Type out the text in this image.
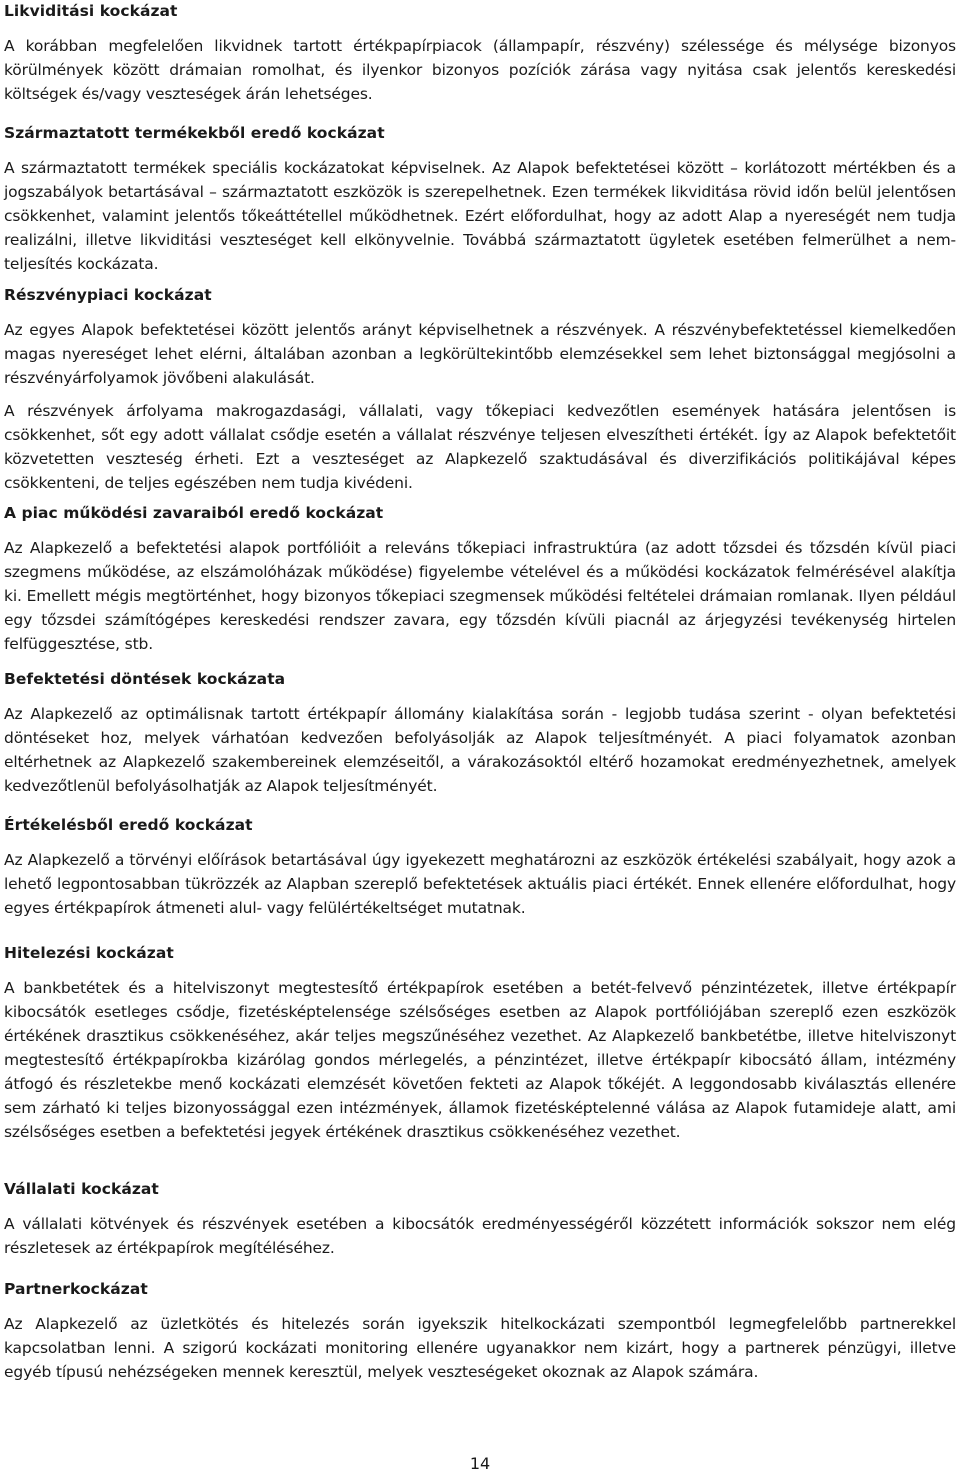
Likviditási kockázat

A korábban megfelelően likvidnek tartott értékpapírpiacok (állampapír, részvény) szélessége és mélysége bizonyos körülmények között drámaian romolhat, és ilyenkor bizonyos pozíciók zárása vagy nyitása csak jelentős kereskedési költségek és/vagy veszteségek árán lehetséges.

Származtatott termékekből eredő kockázat

A származtatott termékek speciális kockázatokat képviselnek. Az Alapok befektetései között – korlátozott mértékben és a jogszabályok betartásával – származtatott eszközök is szerepelhetnek. Ezen termékek likviditása rövid időn belül jelentősen csökkenhet, valamint jelentős tőkeáttétellel működhetnek. Ezért előfordulhat, hogy az adott Alap a nyereségét nem tudja realizálni, illetve likviditási veszteséget kell elkönyvelnie. Továbbá származtatott ügyletek esetében felmerülhet a nem-teljesítés kockázata.

Részvénypiaci kockázat

Az egyes Alapok befektetései között jelentős arányt képviselhetnek a részvények. A részvénybefektetéssel kiemelkedően magas nyereséget lehet elérni, általában azonban a legkörültekintőbb elemzésekkel sem lehet biztonsággal megjósolni a részvényárfolyamok jövőbeni alakulását.

A részvények árfolyama makrogazdasági, vállalati, vagy tőkepiaci kedvezőtlen események hatására jelentősen is csökkenhet, sőt egy adott vállalat csődje esetén a vállalat részvénye teljesen elveszítheti értékét. Így az Alapok befektetőit közvetetten veszteség érheti. Ezt a veszteséget az Alapkezelő szaktudásával és diverzifikációs politikájával képes csökkenteni, de teljes egészében nem tudja kivédeni.

A piac működési zavaraiból eredő kockázat

Az Alapkezelő a befektetési alapok portfólióit a releváns tőkepiaci infrastruktúra (az adott tőzsdei és tőzsdén kívül piaci szegmens működése, az elszámolóházak működése) figyelembe vételével és a működési kockázatok felmérésével alakítja ki. Emellett mégis megtörténhet, hogy bizonyos tőkepiaci szegmensek működési feltételei drámaian romlanak. Ilyen például egy tőzsdei számítógépes kereskedési rendszer zavara, egy tőzsdén kívüli piacnál az árjegyzési tevékenység hirtelen felfüggesztése, stb.

Befektetési döntések kockázata

Az Alapkezelő az optimálisnak tartott értékpapír állomány kialakítása során - legjobb tudása szerint - olyan befektetési döntéseket hoz, melyek várhatóan kedvezően befolyásolják az Alapok teljesítményét. A piaci folyamatok azonban eltérhetnek az Alapkezelő szakembereinek elemzéseitől, a várakozásoktól eltérő hozamokat eredményezhetnek, amelyek kedvezőtlenül befolyásolhatják az Alapok teljesítményét.

Értékelésből eredő kockázat

Az Alapkezelő a törvényi előírások betartásával úgy igyekezett meghatározni az eszközök értékelési szabályait, hogy azok a lehető legpontosabban tükrözzék az Alapban szereplő befektetések aktuális piaci értékét. Ennek ellenére előfordulhat, hogy egyes értékpapírok átmeneti alul- vagy felülértékeltséget mutatnak.

Hitelezési kockázat

A bankbetétek és a hitelviszonyt megtestesítő értékpapírok esetében a betét-felvevő pénzintézetek, illetve értékpapír kibocsátók esetleges csődje, fizetésképtelensége szélsőséges esetben az Alapok portfóliójában szereplő ezen eszközök értékének drasztikus csökkenéséhez, akár teljes megszűnéséhez vezethet. Az Alapkezelő bankbetétbe, illetve hitelviszonyt megtestesítő értékpapírokba kizárólag gondos mérlegelés, a pénzintézet, illetve értékpapír kibocsátó állam, intézmény átfogó és részletekbe menő kockázati elemzését követően fekteti az Alapok tőkéjét. A leggondosabb kiválasztás ellenére sem zárható ki teljes bizonyossággal ezen intézmények, államok fizetésképtelenné válása az Alapok futamideje alatt, ami szélsőséges esetben a befektetési jegyek értékének drasztikus csökkenéséhez vezethet.

Vállalati kockázat

A vállalati kötvények és részvények esetében a kibocsátók eredményességéről közzétett információk sokszor nem elég részletesek az értékpapírok megítéléséhez.

Partnerkockázat

Az Alapkezelő az üzletkötés és hitelezés során igyekszik hitelkockázati szempontból legmegfelelőbb partnerekkel kapcsolatban lenni. A szigorú kockázati monitoring ellenére ugyanakkor nem kizárt, hogy a partnerek pénzügyi, illetve egyéb típusú nehézségeken mennek keresztül, melyek veszteségeket okoznak az Alapok számára.

14
